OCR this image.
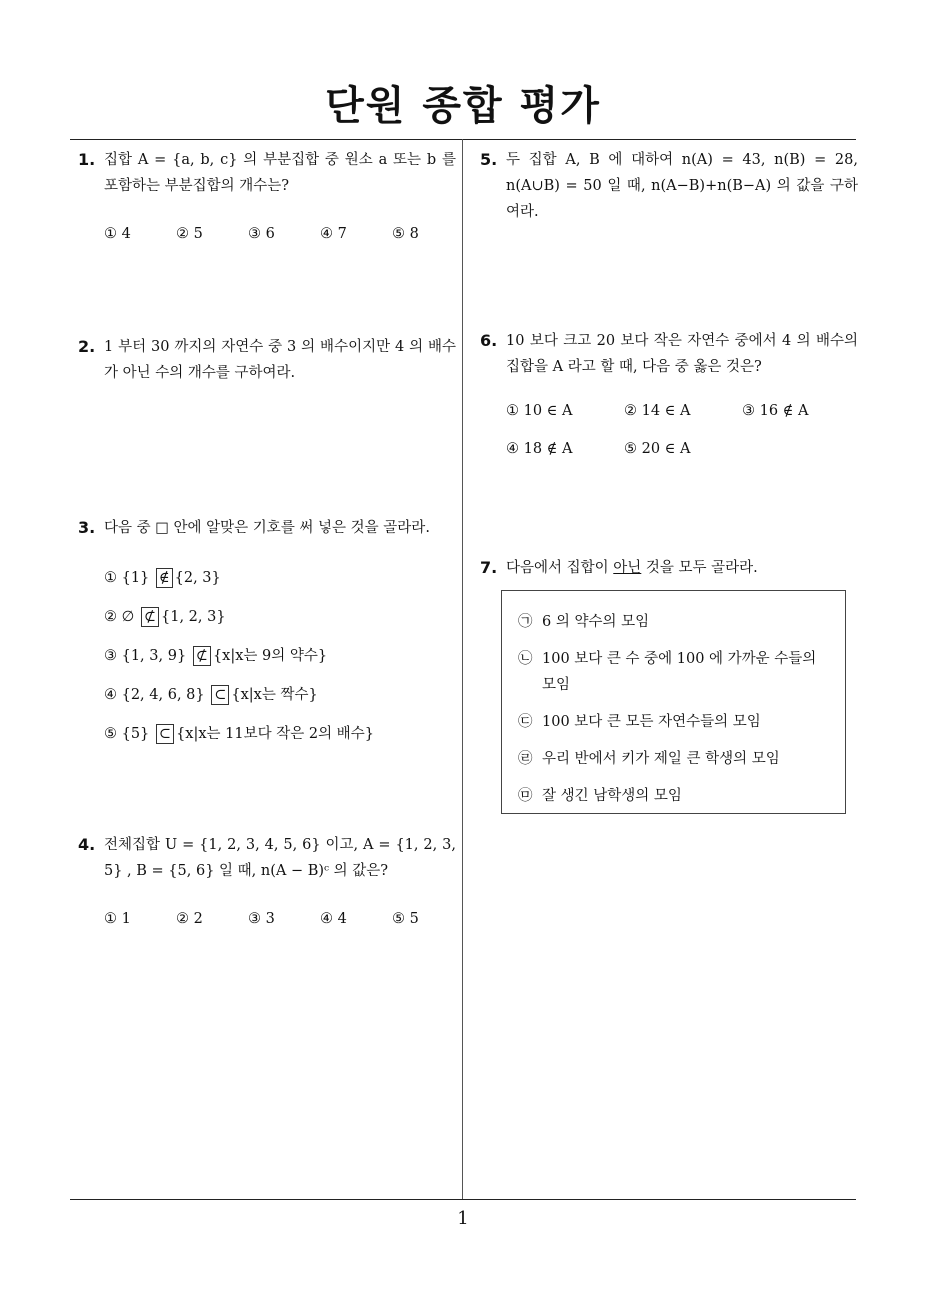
단원 종합 평가
1. 집합 A = {a, b, c} 의 부분집합 중 원소 a 또는 b 를 포함하는 부분집합의 개수는?
① 4	② 5	③ 6	④ 7	⑤ 8
2. 1 부터 30 까지의 자연수 중 3 의 배수이지만 4 의 배수가 아닌 수의 개수를 구하여라.
3. 다음 중 □ 안에 알맞은 기호를 써 넣은 것을 골라라.
① {1} ∉ {2, 3}
② ∅ ⊄ {1, 2, 3}
③ {1, 3, 9} ⊄ {x|x는 9의 약수}
④ {2, 4, 6, 8} ⊂ {x|x는 짝수}
⑤ {5} ⊂ {x|x는 11보다 작은 2의 배수}
4. 전체집합 U = {1, 2, 3, 4, 5, 6} 이고, A = {1, 2, 3, 5} , B = {5, 6} 일 때, n(A − B)ᶜ 의 값은?
① 1	② 2	③ 3	④ 4	⑤ 5
5. 두 집합 A, B 에 대하여 n(A) = 43, n(B) = 28, n(A∪B) = 50 일 때, n(A−B)+n(B−A) 의 값을 구하여라.
6. 10 보다 크고 20 보다 작은 자연수 중에서 4 의 배수의 집합을 A 라고 할 때, 다음 중 옳은 것은?
① 10 ∈ A	② 14 ∈ A	③ 16 ∉ A
④ 18 ∉ A	⑤ 20 ∈ A
7. 다음에서 집합이 아닌 것을 모두 골라라.
㉠ 6 의 약수의 모임
㉡ 100 보다 큰 수 중에 100 에 가까운 수들의 모임
㉢ 100 보다 큰 모든 자연수들의 모임
㉣ 우리 반에서 키가 제일 큰 학생의 모임
㉤ 잘 생긴 남학생의 모임
1
